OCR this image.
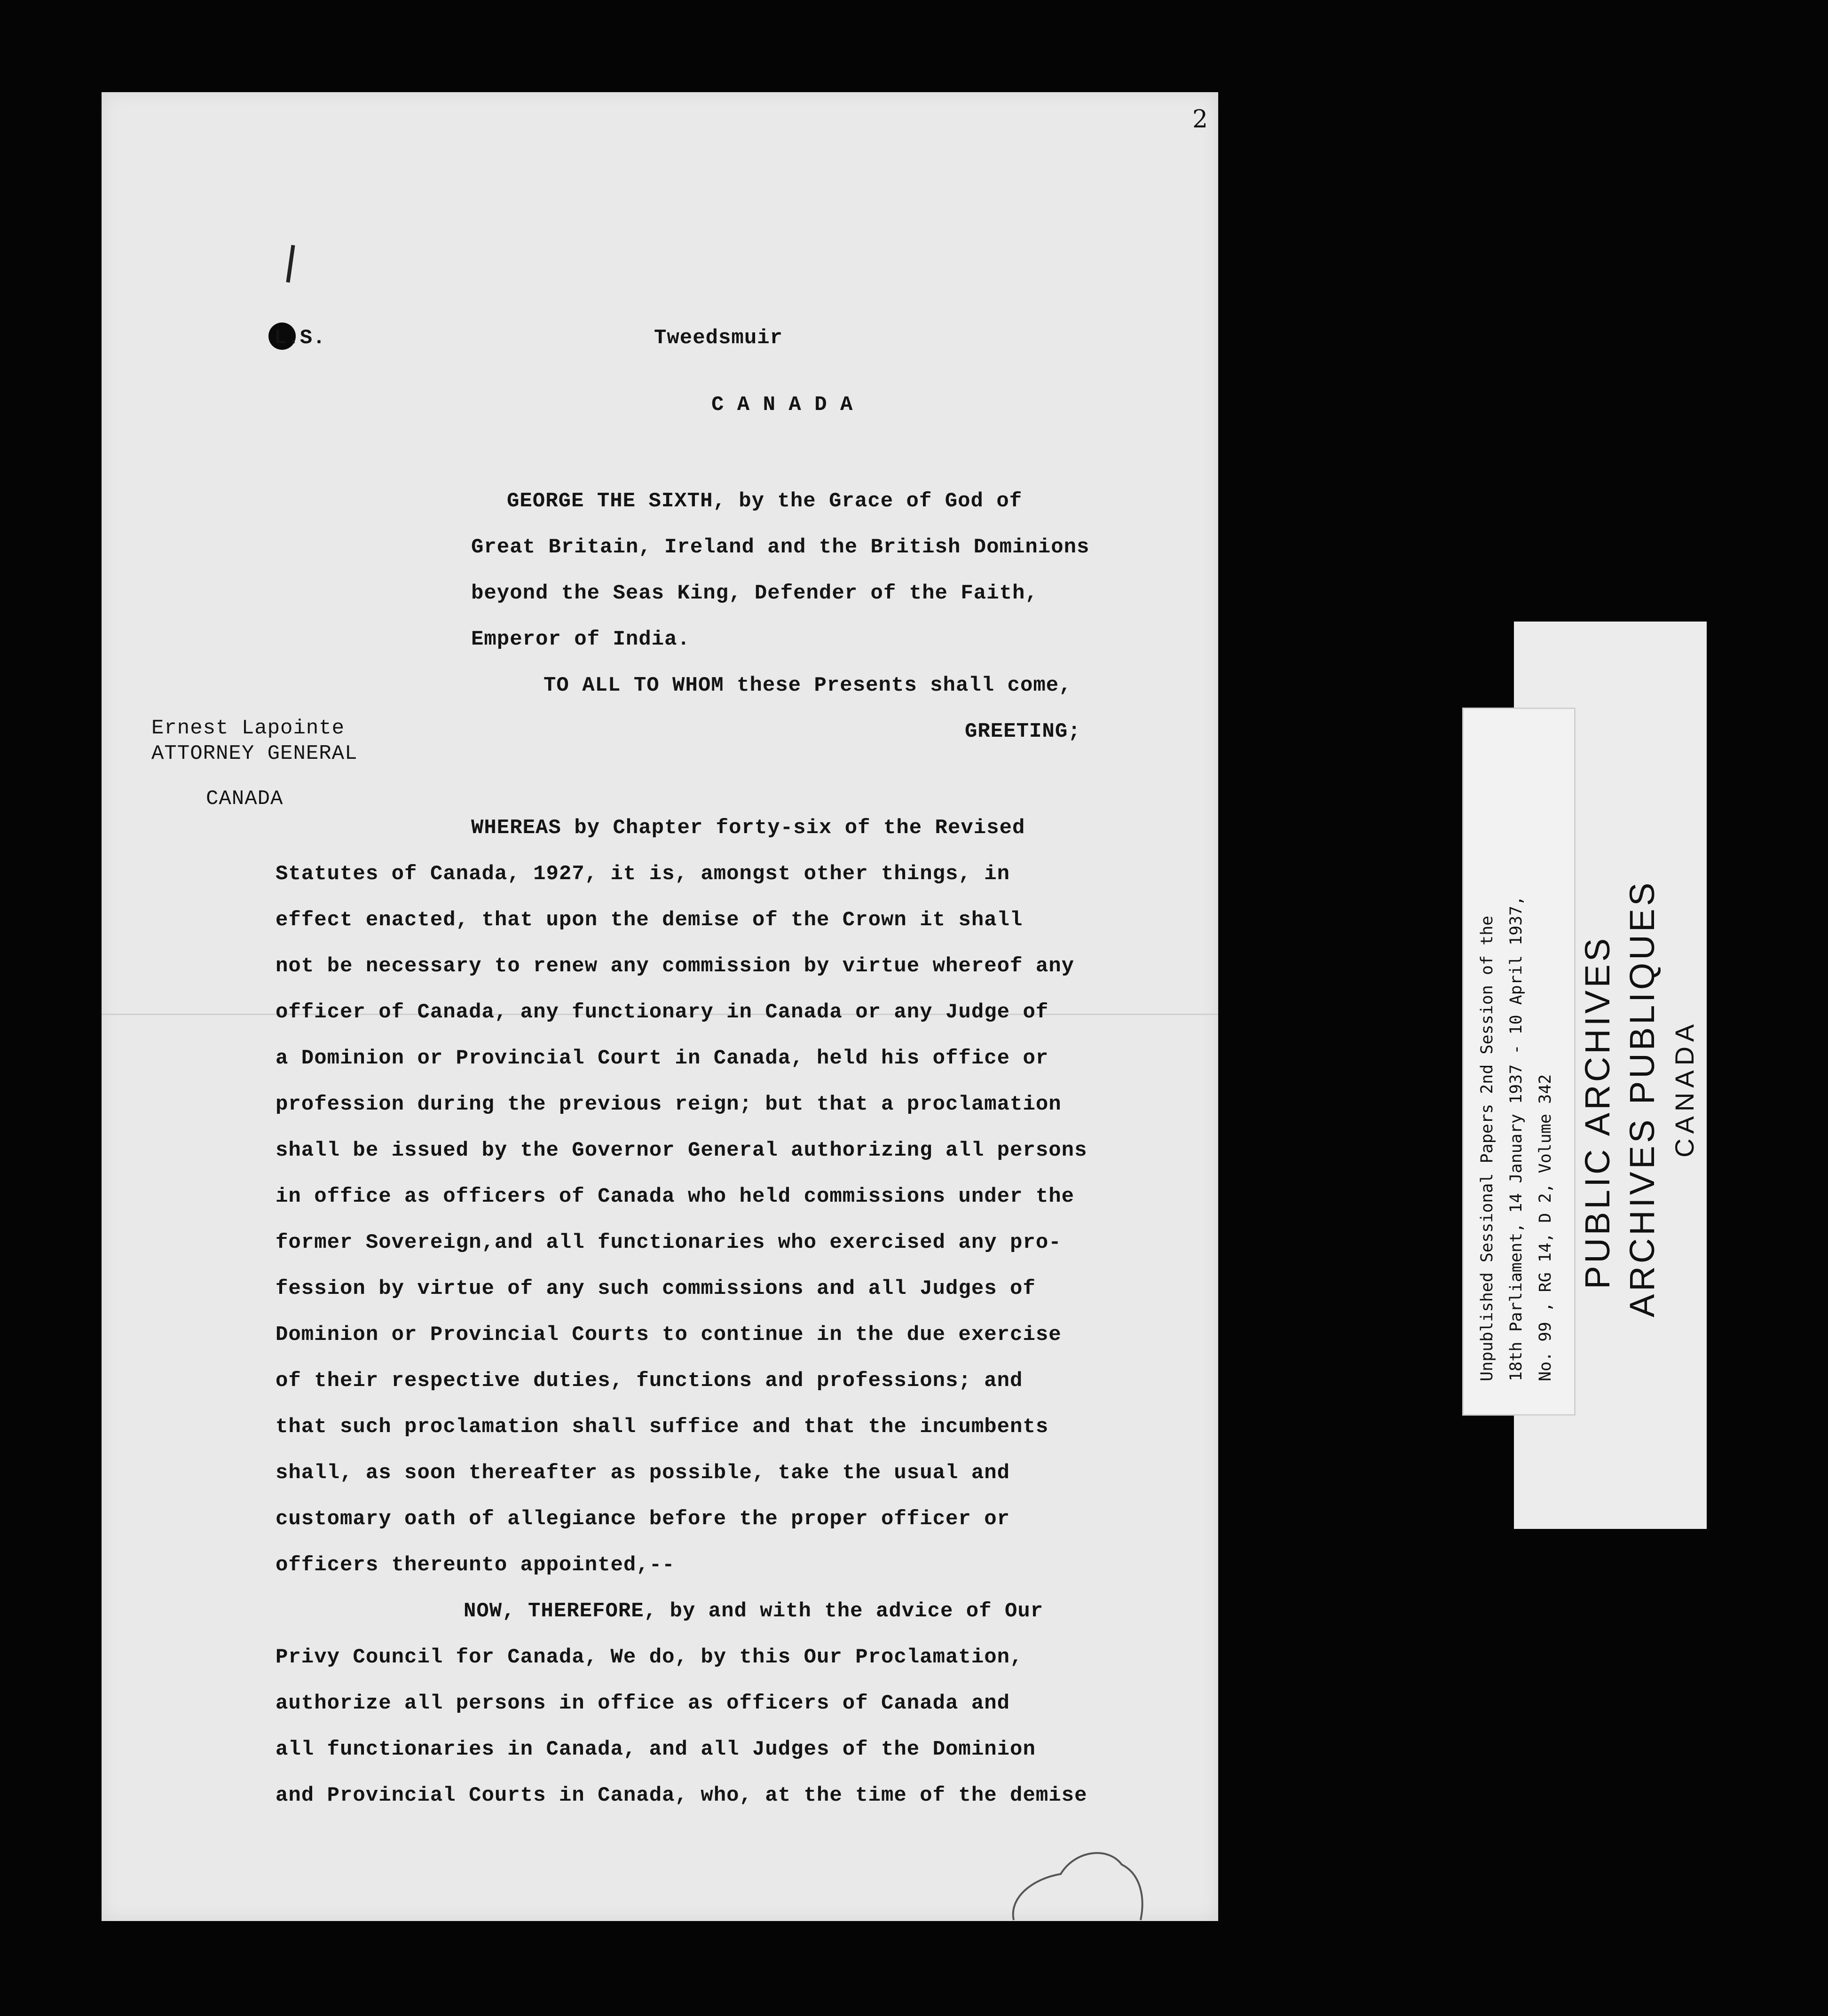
2
L.S.	Tweedsmuir
C A N A D A
GEORGE THE SIXTH, by the Grace of God of
Great Britain, Ireland and the British Dominions
beyond the Seas King, Defender of the Faith,
Emperor of India.
TO ALL TO WHOM these Presents shall come,
GREETING;
Ernest Lapointe
ATTORNEY GENERAL
CANADA
WHEREAS by Chapter forty-six of the Revised
Statutes of Canada, 1927, it is, amongst other things, in
effect enacted, that upon the demise of the Crown it shall
not be necessary to renew any commission by virtue whereof any
officer of Canada, any functionary in Canada or any Judge of
a Dominion or Provincial Court in Canada, held his office or
profession during the previous reign; but that a proclamation
shall be issued by the Governor General authorizing all persons
in office as officers of Canada who held commissions under the
former Sovereign,and all functionaries who exercised any pro-
fession by virtue of any such commissions and all Judges of
Dominion or Provincial Courts to continue in the due exercise
of their respective duties, functions and professions; and
that such proclamation shall suffice and that the incumbents
shall, as soon thereafter as possible, take the usual and
customary oath of allegiance before the proper officer or
officers thereunto appointed,--
NOW, THEREFORE, by and with the advice of Our
Privy Council for Canada, We do, by this Our Proclamation,
authorize all persons in office as officers of Canada and
all functionaries in Canada, and all Judges of the Dominion
and Provincial Courts in Canada, who, at the time of the demise
PUBLIC ARCHIVES ARCHIVES PUBLIQUES CANADA
Unpublished Sessional Papers 2nd Session of the 18th Parliament, 14 January 1937 - 10 April 1937, No. 99 , RG 14, D 2, Volume 342
